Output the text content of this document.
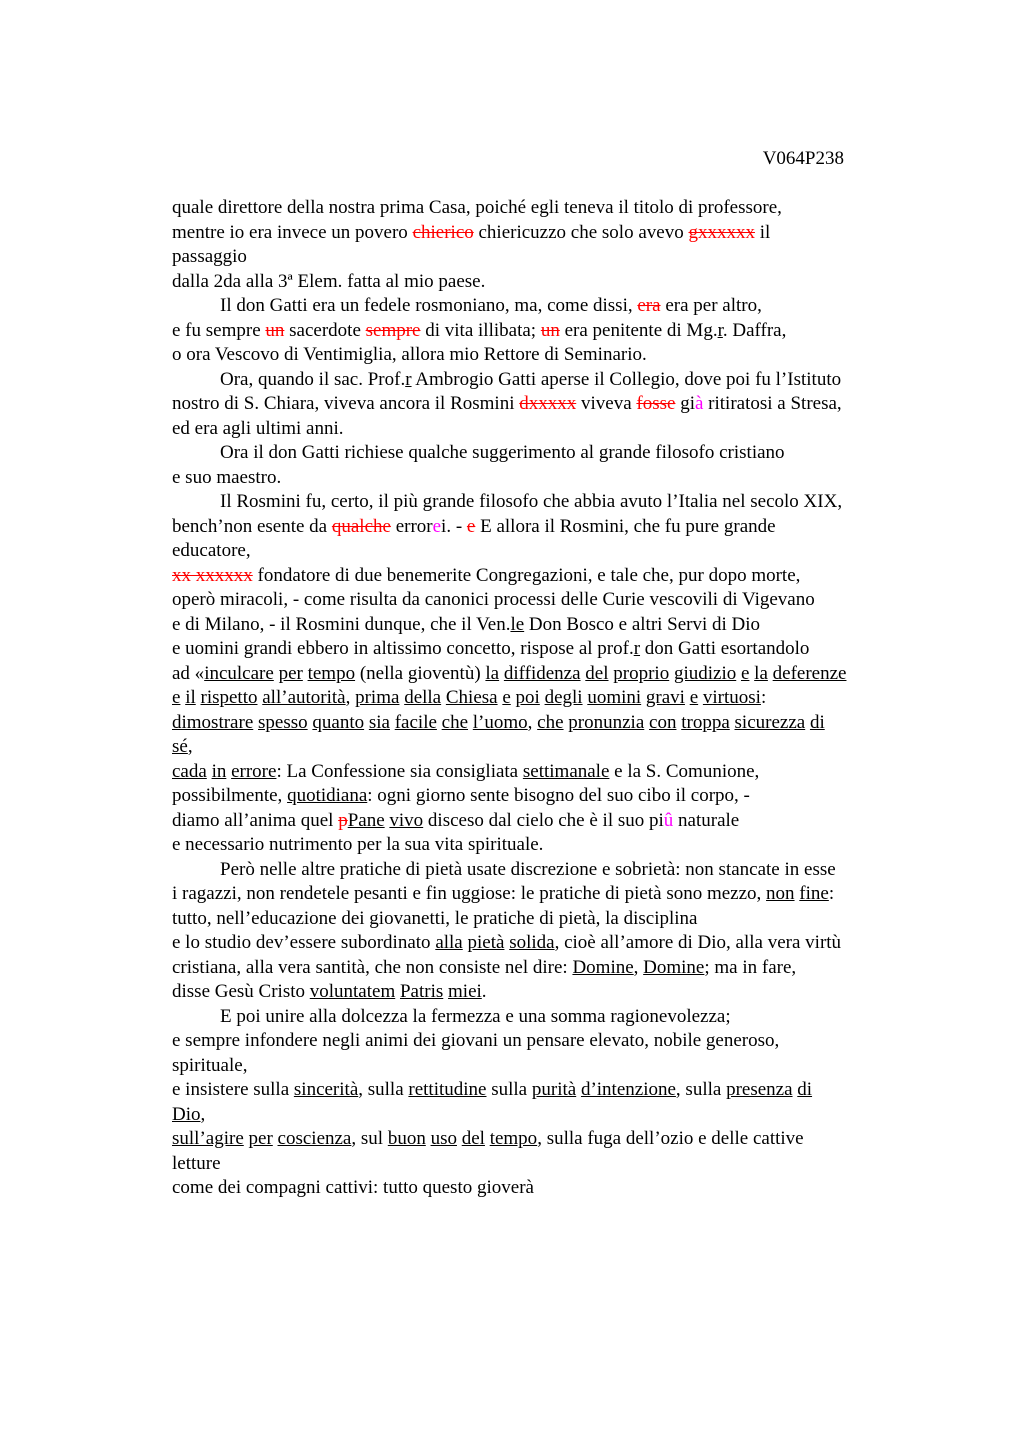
V064P238
quale direttore della nostra prima Casa, poiché egli teneva il titolo di professore,
mentre io era invece un povero chierico chiericuzzo che solo avevo gxxxxxx il
passaggio
dalla 2da alla 3ª Elem. fatta al mio paese.
Il don Gatti era un fedele rosmoniano, ma, come dissi, era era per altro,
e fu sempre un sacerdote sempre di vita illibata; un era penitente di Mg.r. Daffra,
o ora Vescovo di Ventimiglia, allora mio Rettore di Seminario.
Ora, quando il sac. Prof.r Ambrogio Gatti aperse il Collegio, dove poi fu l’Istituto
nostro di S. Chiara, viveva ancora il Rosmini dxxxxx viveva fosse già ritiratosi a Stresa,
ed era agli ultimi anni.
Ora il don Gatti richiese qualche suggerimento al grande filosofo cristiano
e suo maestro.
Il Rosmini fu, certo, il più grande filosofo che abbia avuto l’Italia nel secolo XIX,
bench’non esente da qualche errorei. - e E allora il Rosmini, che fu pure grande
educatore,
xx xxxxxx fondatore di due benemerite Congregazioni, e tale che, pur dopo morte,
operò miracoli, - come risulta da canonici processi delle Curie vescovili di Vigevano
e di Milano, - il Rosmini dunque, che il Ven.le Don Bosco e altri Servi di Dio
e uomini grandi ebbero in altissimo concetto, rispose al prof.r don Gatti esortandolo
ad «inculcare per tempo (nella gioventù) la diffidenza del proprio giudizio e la deferenze
e il rispetto all’autorità, prima della Chiesa e poi degli uomini gravi e virtuosi:
dimostrare spesso quanto sia facile che l’uomo, che pronunzia con troppa sicurezza di
sé,
cada in errore: La Confessione sia consigliata settimanale e la S. Comunione,
possibilmente, quotidiana: ogni giorno sente bisogno del suo cibo il corpo, -
diamo all’anima quel pPane vivo disceso dal cielo che è il suo piû naturale
e necessario nutrimento per la sua vita spirituale.
Però nelle altre pratiche di pietà usate discrezione e sobrietà: non stancate in esse
i ragazzi, non rendetele pesanti e fin uggiose: le pratiche di pietà sono mezzo, non fine:
tutto, nell’educazione dei giovanetti, le pratiche di pietà, la disciplina
e lo studio dev’essere subordinato alla pietà solida, cioè all’amore di Dio, alla vera virtù
cristiana, alla vera santità, che non consiste nel dire: Domine, Domine; ma in fare,
disse Gesù Cristo voluntatem Patris miei.
E poi unire alla dolcezza la fermezza e una somma ragionevolezza;
e sempre infondere negli animi dei giovani un pensare elevato, nobile generoso,
spirituale,
e insistere sulla sincerità, sulla rettitudine sulla purità d’intenzione, sulla presenza di
Dio,
sull’agire per coscienza, sul buon uso del tempo, sulla fuga dell’ozio e delle cattive
letture
come dei compagni cattivi: tutto questo gioverà
